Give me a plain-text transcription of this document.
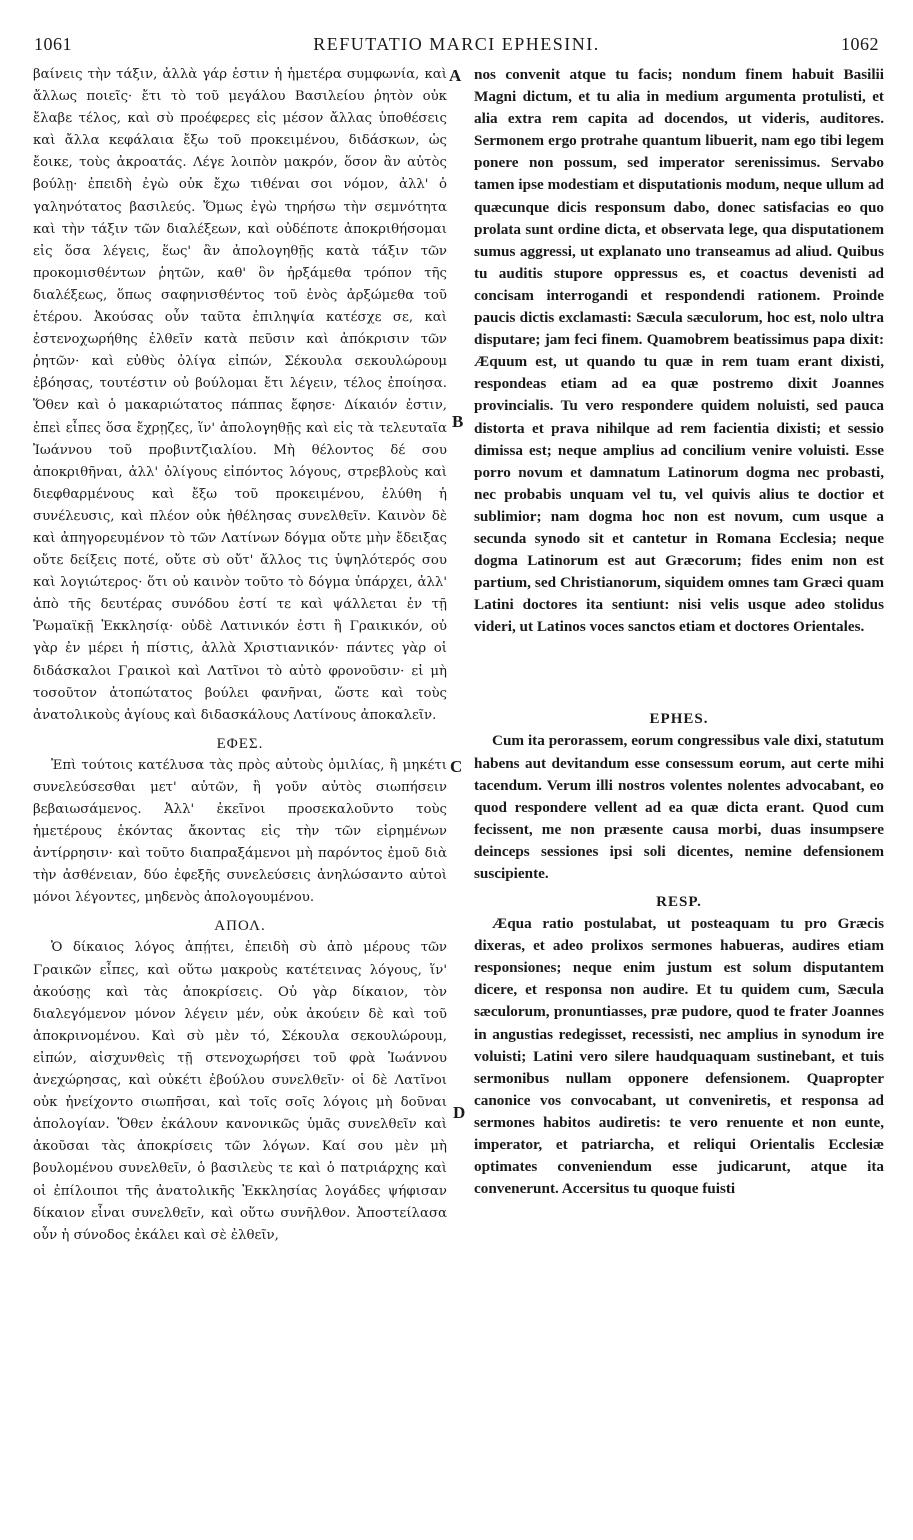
1061	REFUTATIO MARCI EPHESINI.	1062

βαίνεις τὴν τάξιν, ἀλλὰ γάρ ἐστιν ἡ ἡμετέρα συμφωνία, καὶ ἄλλως ποιεῖς· ἔτι τὸ τοῦ μεγάλου Βασιλείου ῥητὸν οὐκ ἔλαβε τέλος, καὶ σὺ προέφερες εἰς μέσον ἄλλας ὑποθέσεις καὶ ἄλλα κεφάλαια ἔξω τοῦ προκειμένου, διδάσκων, ὡς ἔοικε, τοὺς ἀκροατάς. Λέγε λοιπὸν μακρόν, ὅσον ἂν αὐτὸς βούλῃ· ἐπειδὴ ἐγὼ οὐκ ἔχω τιθέναι σοι νόμον, ἀλλ' ὁ γαληνότατος βασιλεύς. Ὅμως ἐγὼ τηρήσω τὴν σεμνότητα καὶ τὴν τάξιν τῶν διαλέξεων, καὶ οὐδέποτε ἀποκριθήσομαι εἰς ὅσα λέγεις, ἕως' ἂν ἀπολογηθῇς κατὰ τάξιν τῶν προκομισθέντων ῥητῶν, καθ' ὃν ἠρξάμεθα τρόπον τῆς διαλέξεως, ὅπως σαφηνισθέντος τοῦ ἑνὸς ἀρξώμεθα τοῦ ἑτέρου. Ἀκούσας οὖν ταῦτα ἐπιληψία κατέσχε σε, καὶ ἐστενοχωρήθης ἐλθεῖν κατὰ πεῦσιν καὶ ἀπόκρισιν τῶν ῥητῶν· καὶ εὐθὺς ὀλίγα εἰπών, Σέκουλα σεκουλώρουμ ἐβόησας, τουτέστιν οὐ βούλομαι ἔτι λέγειν, τέλος ἐποίησα. Ὅθεν καὶ ὁ μακαριώτατος πάππας ἔφησε· Δίκαιόν ἐστιν, ἐπεὶ εἶπες ὅσα ἔχρῃζες, ἵν' ἀπολογηθῇς καὶ εἰς τὰ τελευταῖα Ἰωάννου τοῦ προβιντζιαλίου. Μὴ θέλοντος δέ σου ἀποκριθῆναι, ἀλλ' ὀλίγους εἰπόντος λόγους, στρεβλοὺς καὶ διεφθαρμένους καὶ ἔξω τοῦ προκειμένου, ἐλύθη ἡ συνέλευσις, καὶ πλέον οὐκ ἠθέλησας συνελθεῖν. Καινὸν δὲ καὶ ἀπηγορευμένον τὸ τῶν Λατίνων δόγμα οὔτε μὴν ἔδειξας οὔτε δείξεις ποτέ, οὔτε σὺ οὔτ' ἄλλος τις ὑψηλότερός σου καὶ λογιώτερος· ὅτι οὐ καινὸν τοῦτο τὸ δόγμα ὑπάρχει, ἀλλ' ἀπὸ τῆς δευτέρας συνόδου ἐστί τε καὶ ψάλλεται ἐν τῇ Ῥωμαϊκῇ Ἐκκλησίᾳ· οὐδὲ Λατινικόν ἐστι ἢ Γραικικόν, οὐ γὰρ ἐν μέρει ἡ πίστις, ἀλλὰ Χριστιανικόν· πάντες γὰρ οἱ διδάσκαλοι Γραικοὶ καὶ Λατῖνοι τὸ αὐτὸ φρονοῦσιν· εἰ μὴ τοσοῦτον ἀτοπώτατος βούλει φανῆναι, ὥστε καὶ τοὺς ἀνατολικοὺς ἁγίους καὶ διδασκάλους Λατίνους ἀποκαλεῖν.

ΕΦΕΣ.

Ἐπὶ τούτοις κατέλυσα τὰς πρὸς αὐτοὺς ὁμιλίας, ἢ μηκέτι συνελεύσεσθαι μετ' αὐτῶν, ἢ γοῦν αὐτὸς σιωπήσειν βεβαιωσάμενος. Ἀλλ' ἐκεῖνοι προσεκαλοῦντο τοὺς ἡμετέρους ἑκόντας ἄκοντας εἰς τὴν τῶν εἰρημένων ἀντίρρησιν· καὶ τοῦτο διαπραξάμενοι μὴ παρόντος ἐμοῦ διὰ τὴν ἀσθένειαν, δύο ἐφεξῆς συνελεύσεις ἀνηλώσαντο αὐτοὶ μόνοι λέγοντες, μηδενὸς ἀπολογουμένου.

ΑΠΟΛ.

Ὁ δίκαιος λόγος ἀπῄτει, ἐπειδὴ σὺ ἀπὸ μέρους τῶν Γραικῶν εἶπες, καὶ οὕτω μακροὺς κατέτεινας λόγους, ἵν' ἀκούσῃς καὶ τὰς ἀποκρίσεις. Οὐ γὰρ δίκαιον, τὸν διαλεγόμενον μόνον λέγειν μέν, οὐκ ἀκούειν δὲ καὶ τοῦ ἀποκρινομένου. Καὶ σὺ μὲν τό, Σέκουλα σεκουλώρουμ, εἰπών, αἰσχυνθεὶς τῇ στενοχωρήσει τοῦ φρὰ Ἰωάννου ἀνεχώρησας, καὶ οὐκέτι ἐβούλου συνελθεῖν· οἱ δὲ Λατῖνοι οὐκ ἠνείχοντο σιωπῆσαι, καὶ τοῖς σοῖς λόγοις μὴ δοῦναι ἀπολογίαν. Ὅθεν ἐκάλουν κανονικῶς ὑμᾶς συνελθεῖν καὶ ἀκοῦσαι τὰς ἀποκρίσεις τῶν λόγων. Καί σου μὲν μὴ βουλομένου συνελθεῖν, ὁ βασιλεὺς τε καὶ ὁ πατριάρχης καὶ οἱ ἐπίλοιποι τῆς ἀνατολικῆς Ἐκκλησίας λογάδες ψήφισαν δίκαιον εἶναι συνελθεῖν, καὶ οὕτω συνῆλθον. Ἀποστείλασα οὖν ἡ σύνοδος ἐκάλει καὶ σὲ ἐλθεῖν,

nos convenit atque tu facis; nondum finem habuit Basilii Magni dictum, et tu alia in medium argumenta protulisti, et alia extra rem capita ad docendos, ut videris, auditores. Sermonem ergo protrahe quantum libuerit, nam ego tibi legem ponere non possum, sed imperator serenissimus. Servabo tamen ipse modestiam et disputationis modum, neque ullum ad quæcunque dicis responsum dabo, donec satisfacias eo quo prolata sunt ordine dicta, et observata lege, qua disputationem sumus aggressi, ut explanato uno transeamus ad aliud. Quibus tu auditis stupore oppressus es, et coactus devenisti ad concisam interrogandi et respondendi rationem. Proinde paucis dictis exclamasti: Sæcula sæculorum, hoc est, nolo ultra disputare; jam feci finem. Quamobrem beatissimus papa dixit: Æquum est, ut quando tu quæ in rem tuam erant dixisti, respondeas etiam ad ea quæ postremo dixit Joannes provincialis. Tu vero respondere quidem noluisti, sed pauca distorta et prava nihilque ad rem facientia dixisti; et sessio dimissa est; neque amplius ad concilium venire voluisti. Esse porro novum et damnatum Latinorum dogma nec probasti, nec probabis unquam vel tu, vel quivis alius te doctior et sublimior; nam dogma hoc non est novum, cum usque a secunda synodo sit et cantetur in Romana Ecclesia; neque dogma Latinorum est aut Græcorum; fides enim non est partium, sed Christianorum, siquidem omnes tam Græci quam Latini doctores ita sentiunt: nisi velis usque adeo stolidus videri, ut Latinos voces sanctos etiam et doctores Orientales.

EPHES.

Cum ita perorassem, eorum congressibus vale dixi, statutum habens aut devitandum esse consessum eorum, aut certe mihi tacendum. Verum illi nostros volentes nolentes advocabant, eo quod respondere vellent ad ea quæ dicta erant. Quod cum fecissent, me non præsente causa morbi, duas insumpsere deinceps sessiones ipsi soli dicentes, nemine defensionem suscipiente.

RESP.

Æqua ratio postulabat, ut posteaquam tu pro Græcis dixeras, et adeo prolixos sermones habueras, audires etiam responsiones; neque enim justum est solum disputantem dicere, et responsa non audire. Et tu quidem cum, Sæcula sæculorum, pronuntiasses, præ pudore, quod te frater Joannes in angustias redegisset, recessisti, nec amplius in synodum ire voluisti; Latini vero silere haudquaquam sustinebant, et tuis sermonibus nullam opponere defensionem. Quapropter canonice vos convocabant, ut conveniretis, et responsa ad sermones habitos audiretis: te vero renuente et non eunte, imperator, et patriarcha, et reliqui Orientalis Ecclesiæ optimates conveniendum esse judicarunt, atque ita convenerunt. Accersitus tu quoque fuisti

A
B
C
D
